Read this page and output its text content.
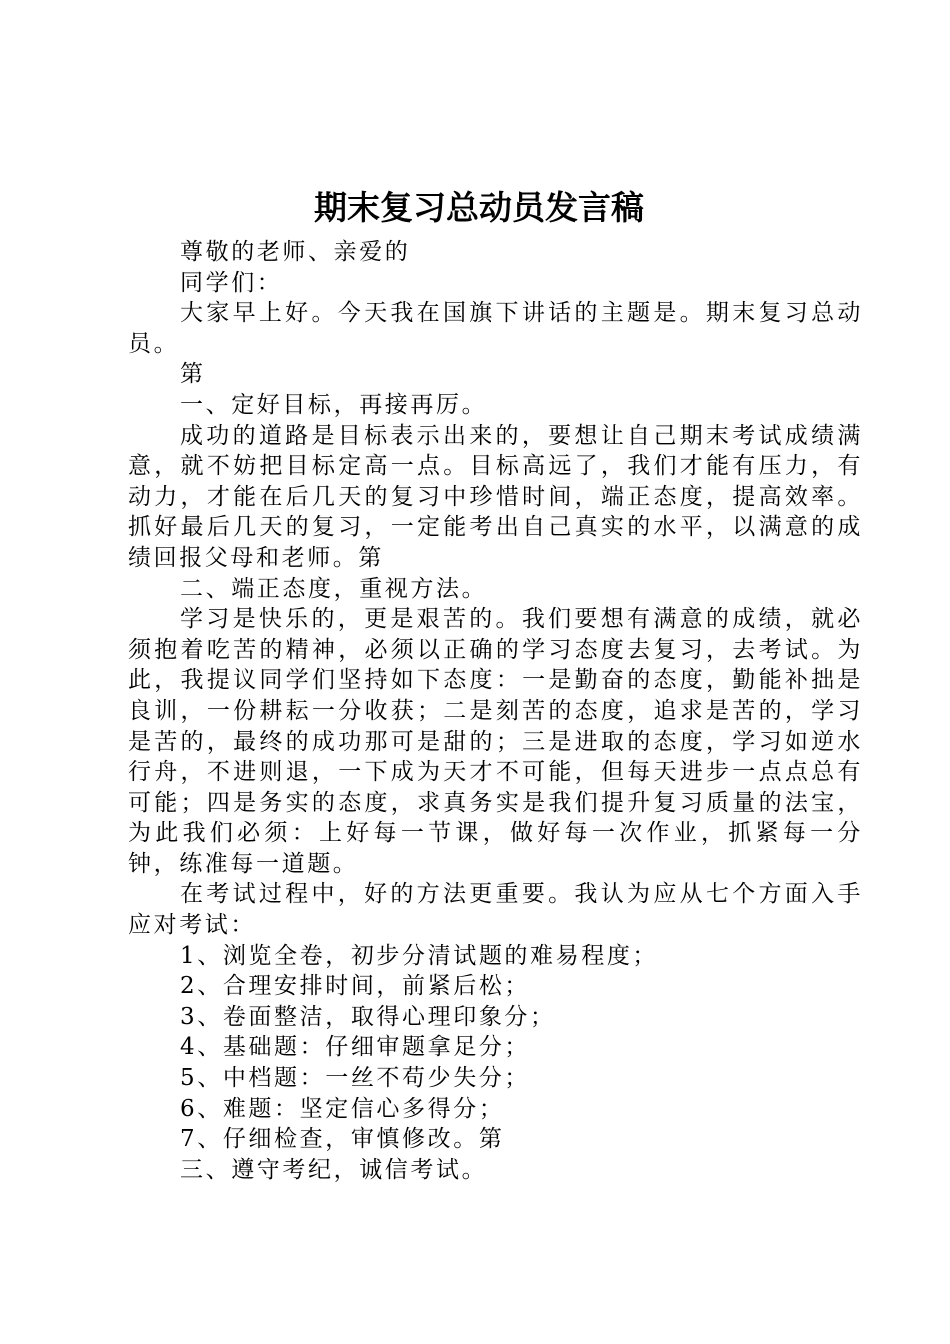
期末复习总动员发言稿

尊敬的老师、亲爱的

同学们：

大家早上好。今天我在国旗下讲话的主题是。期末复习总动员。

第

一、定好目标，再接再厉。

成功的道路是目标表示出来的，要想让自己期末考试成绩满意，就不妨把目标定高一点。目标高远了，我们才能有压力，有动力，才能在后几天的复习中珍惜时间，端正态度，提高效率。抓好最后几天的复习，一定能考出自己真实的水平，以满意的成绩回报父母和老师。第

二、端正态度，重视方法。

学习是快乐的，更是艰苦的。我们要想有满意的成绩，就必须抱着吃苦的精神，必须以正确的学习态度去复习，去考试。为此，我提议同学们坚持如下态度：一是勤奋的态度，勤能补拙是良训，一份耕耘一分收获；二是刻苦的态度，追求是苦的，学习是苦的，最终的成功那可是甜的；三是进取的态度，学习如逆水行舟，不进则退，一下成为天才不可能，但每天进步一点点总有可能；四是务实的态度，求真务实是我们提升复习质量的法宝，为此我们必须：上好每一节课，做好每一次作业，抓紧每一分钟，练准每一道题。

在考试过程中，好的方法更重要。我认为应从七个方面入手应对考试：

1、浏览全卷，初步分清试题的难易程度；

2、合理安排时间，前紧后松；

3、卷面整洁，取得心理印象分；

4、基础题：仔细审题拿足分；

5、中档题：一丝不苟少失分；

6、难题：坚定信心多得分；

7、仔细检查，审慎修改。第

三、遵守考纪，诚信考试。
